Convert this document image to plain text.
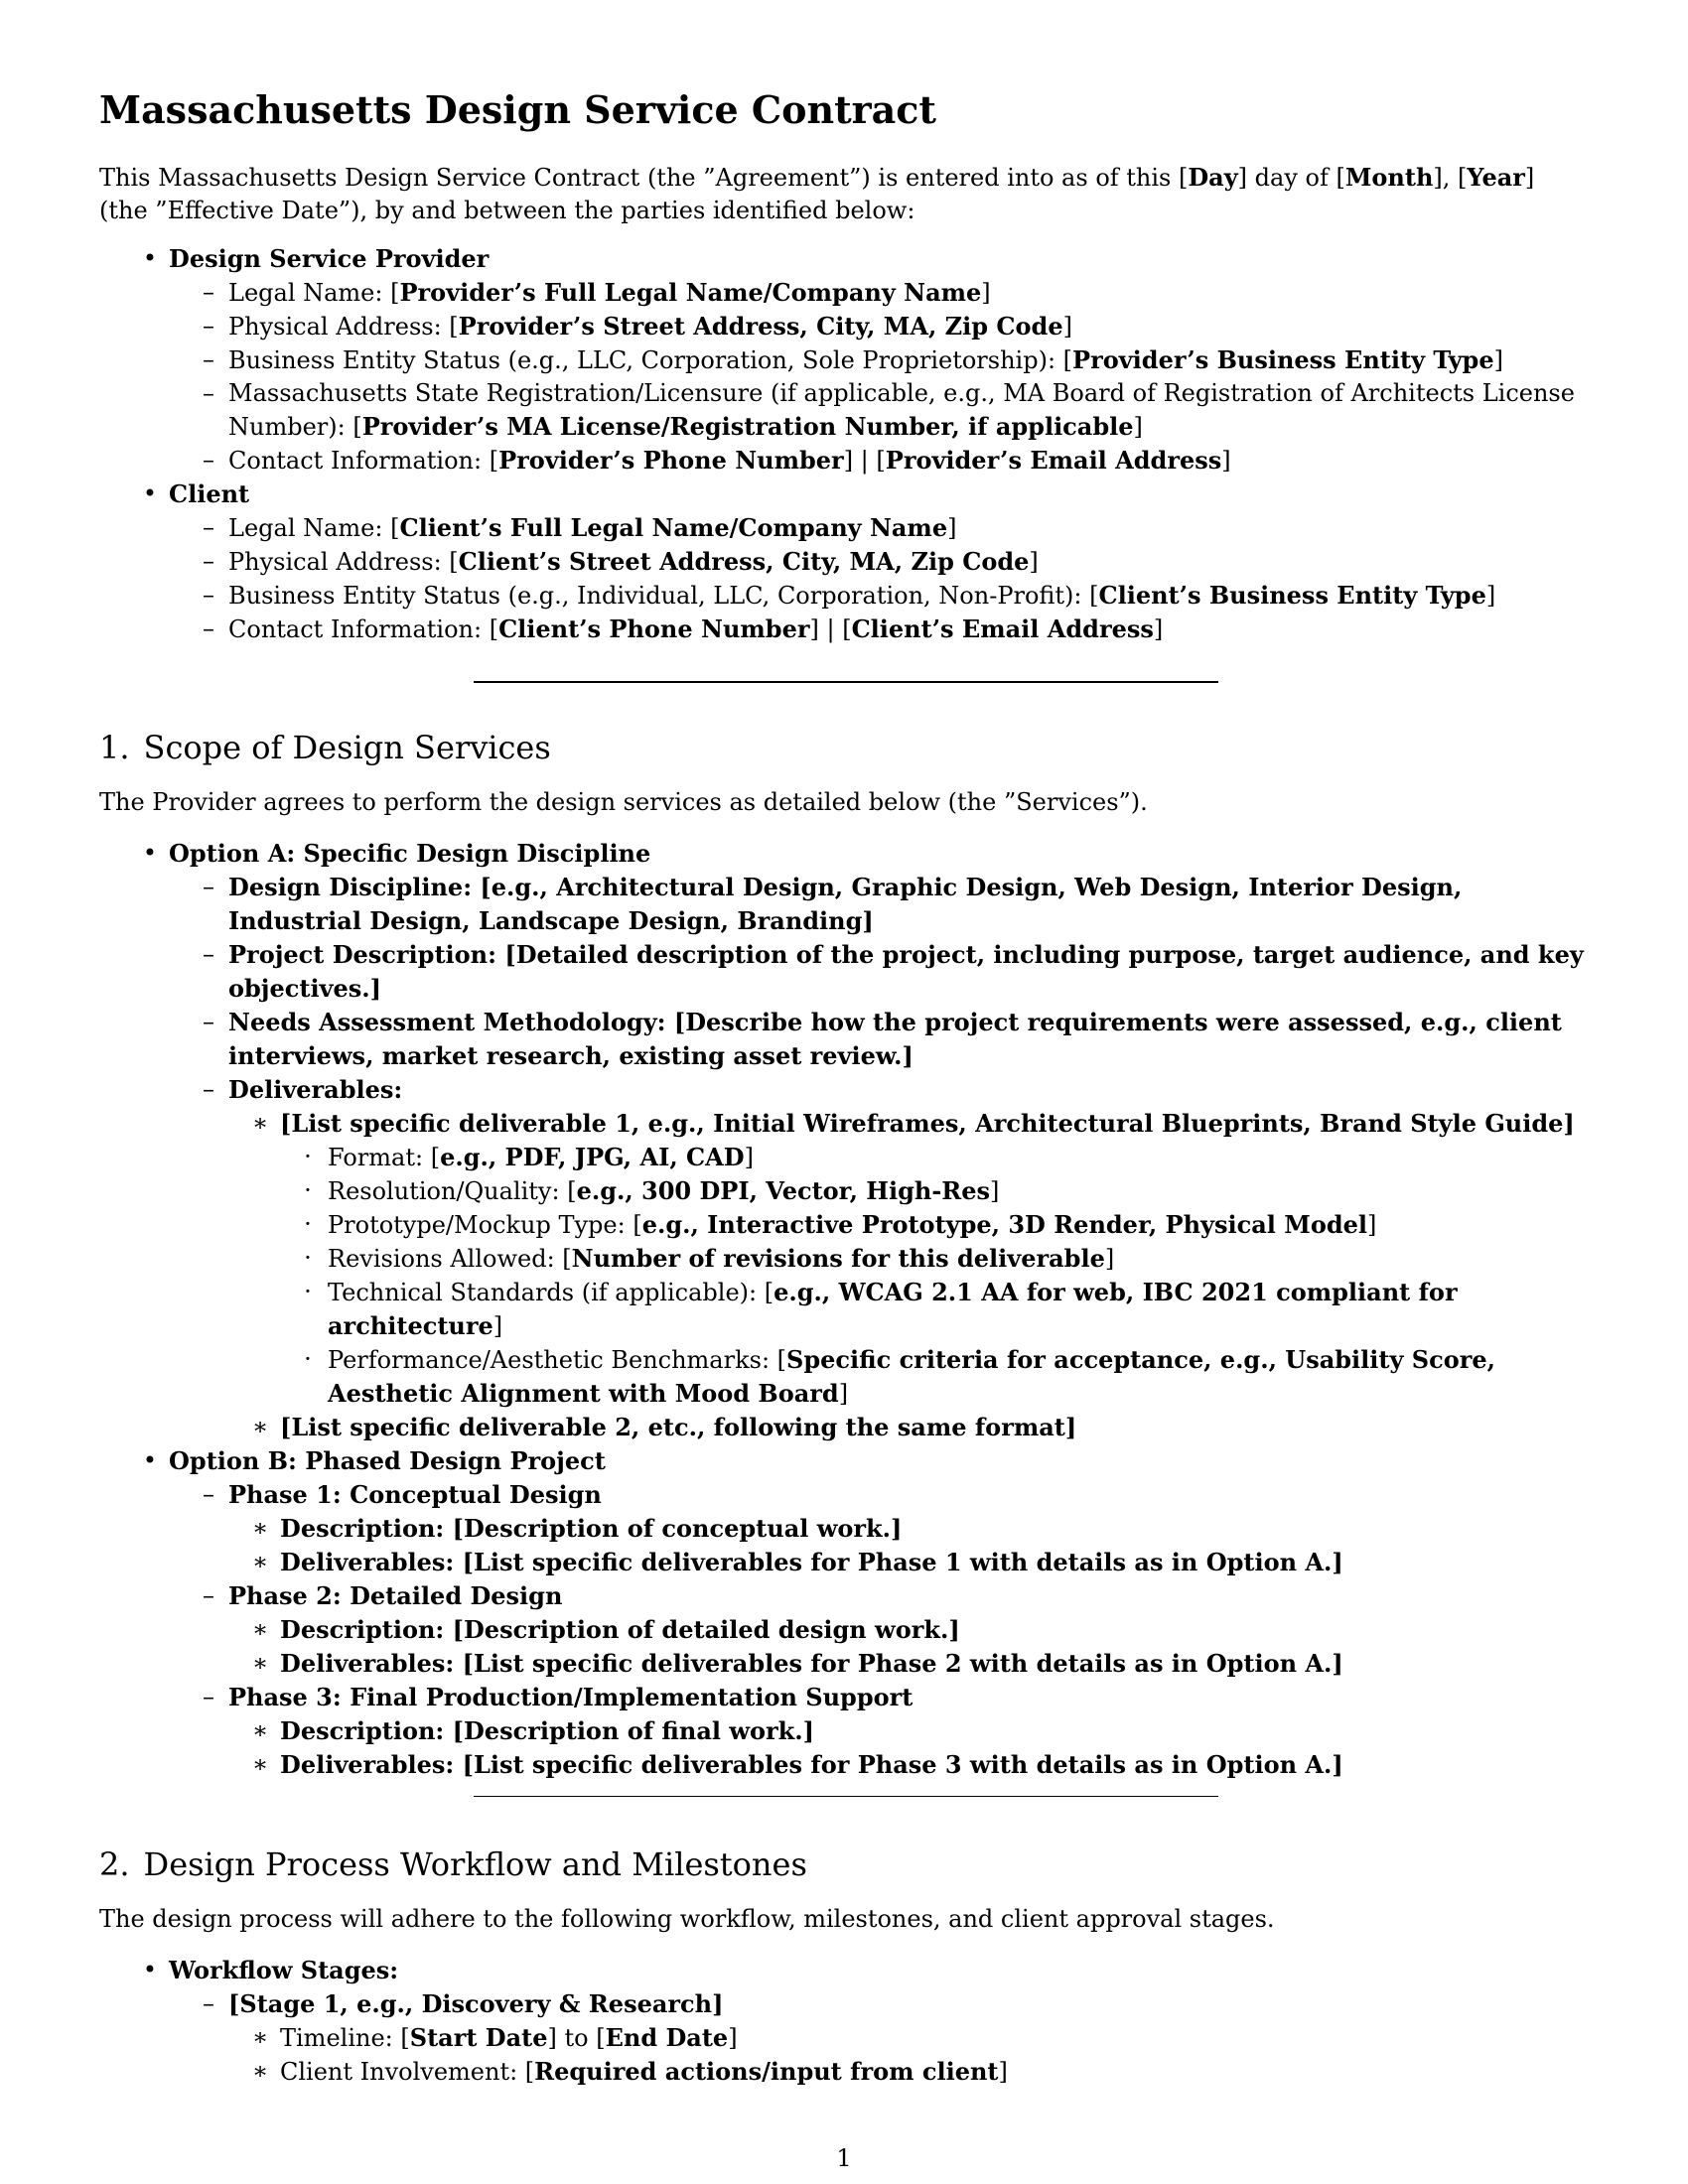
Massachusetts Design Service Contract

This Massachusetts Design Service Contract (the ”Agreement”) is entered into as of this [Day] day of [Month], [Year] (the ”Effective Date”), by and between the parties identified below:

• Design Service Provider
– Legal Name: [Provider’s Full Legal Name/Company Name]
– Physical Address: [Provider’s Street Address, City, MA, Zip Code]
– Business Entity Status (e.g., LLC, Corporation, Sole Proprietorship): [Provider’s Business Entity Type]
– Massachusetts State Registration/Licensure (if applicable, e.g., MA Board of Registration of Architects License Number): [Provider’s MA License/Registration Number, if applicable]
– Contact Information: [Provider’s Phone Number] | [Provider’s Email Address]
• Client
– Legal Name: [Client’s Full Legal Name/Company Name]
– Physical Address: [Client’s Street Address, City, MA, Zip Code]
– Business Entity Status (e.g., Individual, LLC, Corporation, Non-Profit): [Client’s Business Entity Type]
– Contact Information: [Client’s Phone Number] | [Client’s Email Address]
1. Scope of Design Services

The Provider agrees to perform the design services as detailed below (the ”Services”).

• Option A: Specific Design Discipline
– Design Discipline: [e.g., Architectural Design, Graphic Design, Web Design, Interior Design, Industrial Design, Landscape Design, Branding]
– Project Description: [Detailed description of the project, including purpose, target audience, and key objectives.]
– Needs Assessment Methodology: [Describe how the project requirements were assessed, e.g., client interviews, market research, existing asset review.]
– Deliverables:
∗ [List specific deliverable 1, e.g., Initial Wireframes, Architectural Blueprints, Brand Style Guide]
· Format: [e.g., PDF, JPG, AI, CAD]
· Resolution/Quality: [e.g., 300 DPI, Vector, High-Res]
· Prototype/Mockup Type: [e.g., Interactive Prototype, 3D Render, Physical Model]
· Revisions Allowed: [Number of revisions for this deliverable]
· Technical Standards (if applicable): [e.g., WCAG 2.1 AA for web, IBC 2021 compliant for architecture]
· Performance/Aesthetic Benchmarks: [Specific criteria for acceptance, e.g., Usability Score, Aesthetic Alignment with Mood Board]
∗ [List specific deliverable 2, etc., following the same format]
• Option B: Phased Design Project
– Phase 1: Conceptual Design
∗ Description: [Description of conceptual work.]
∗ Deliverables: [List specific deliverables for Phase 1 with details as in Option A.]
– Phase 2: Detailed Design
∗ Description: [Description of detailed design work.]
∗ Deliverables: [List specific deliverables for Phase 2 with details as in Option A.]
– Phase 3: Final Production/Implementation Support
∗ Description: [Description of final work.]
∗ Deliverables: [List specific deliverables for Phase 3 with details as in Option A.]
2. Design Process Workflow and Milestones

The design process will adhere to the following workflow, milestones, and client approval stages.

• Workflow Stages:
– [Stage 1, e.g., Discovery & Research]
∗ Timeline: [Start Date] to [End Date]
∗ Client Involvement: [Required actions/input from client]
1
